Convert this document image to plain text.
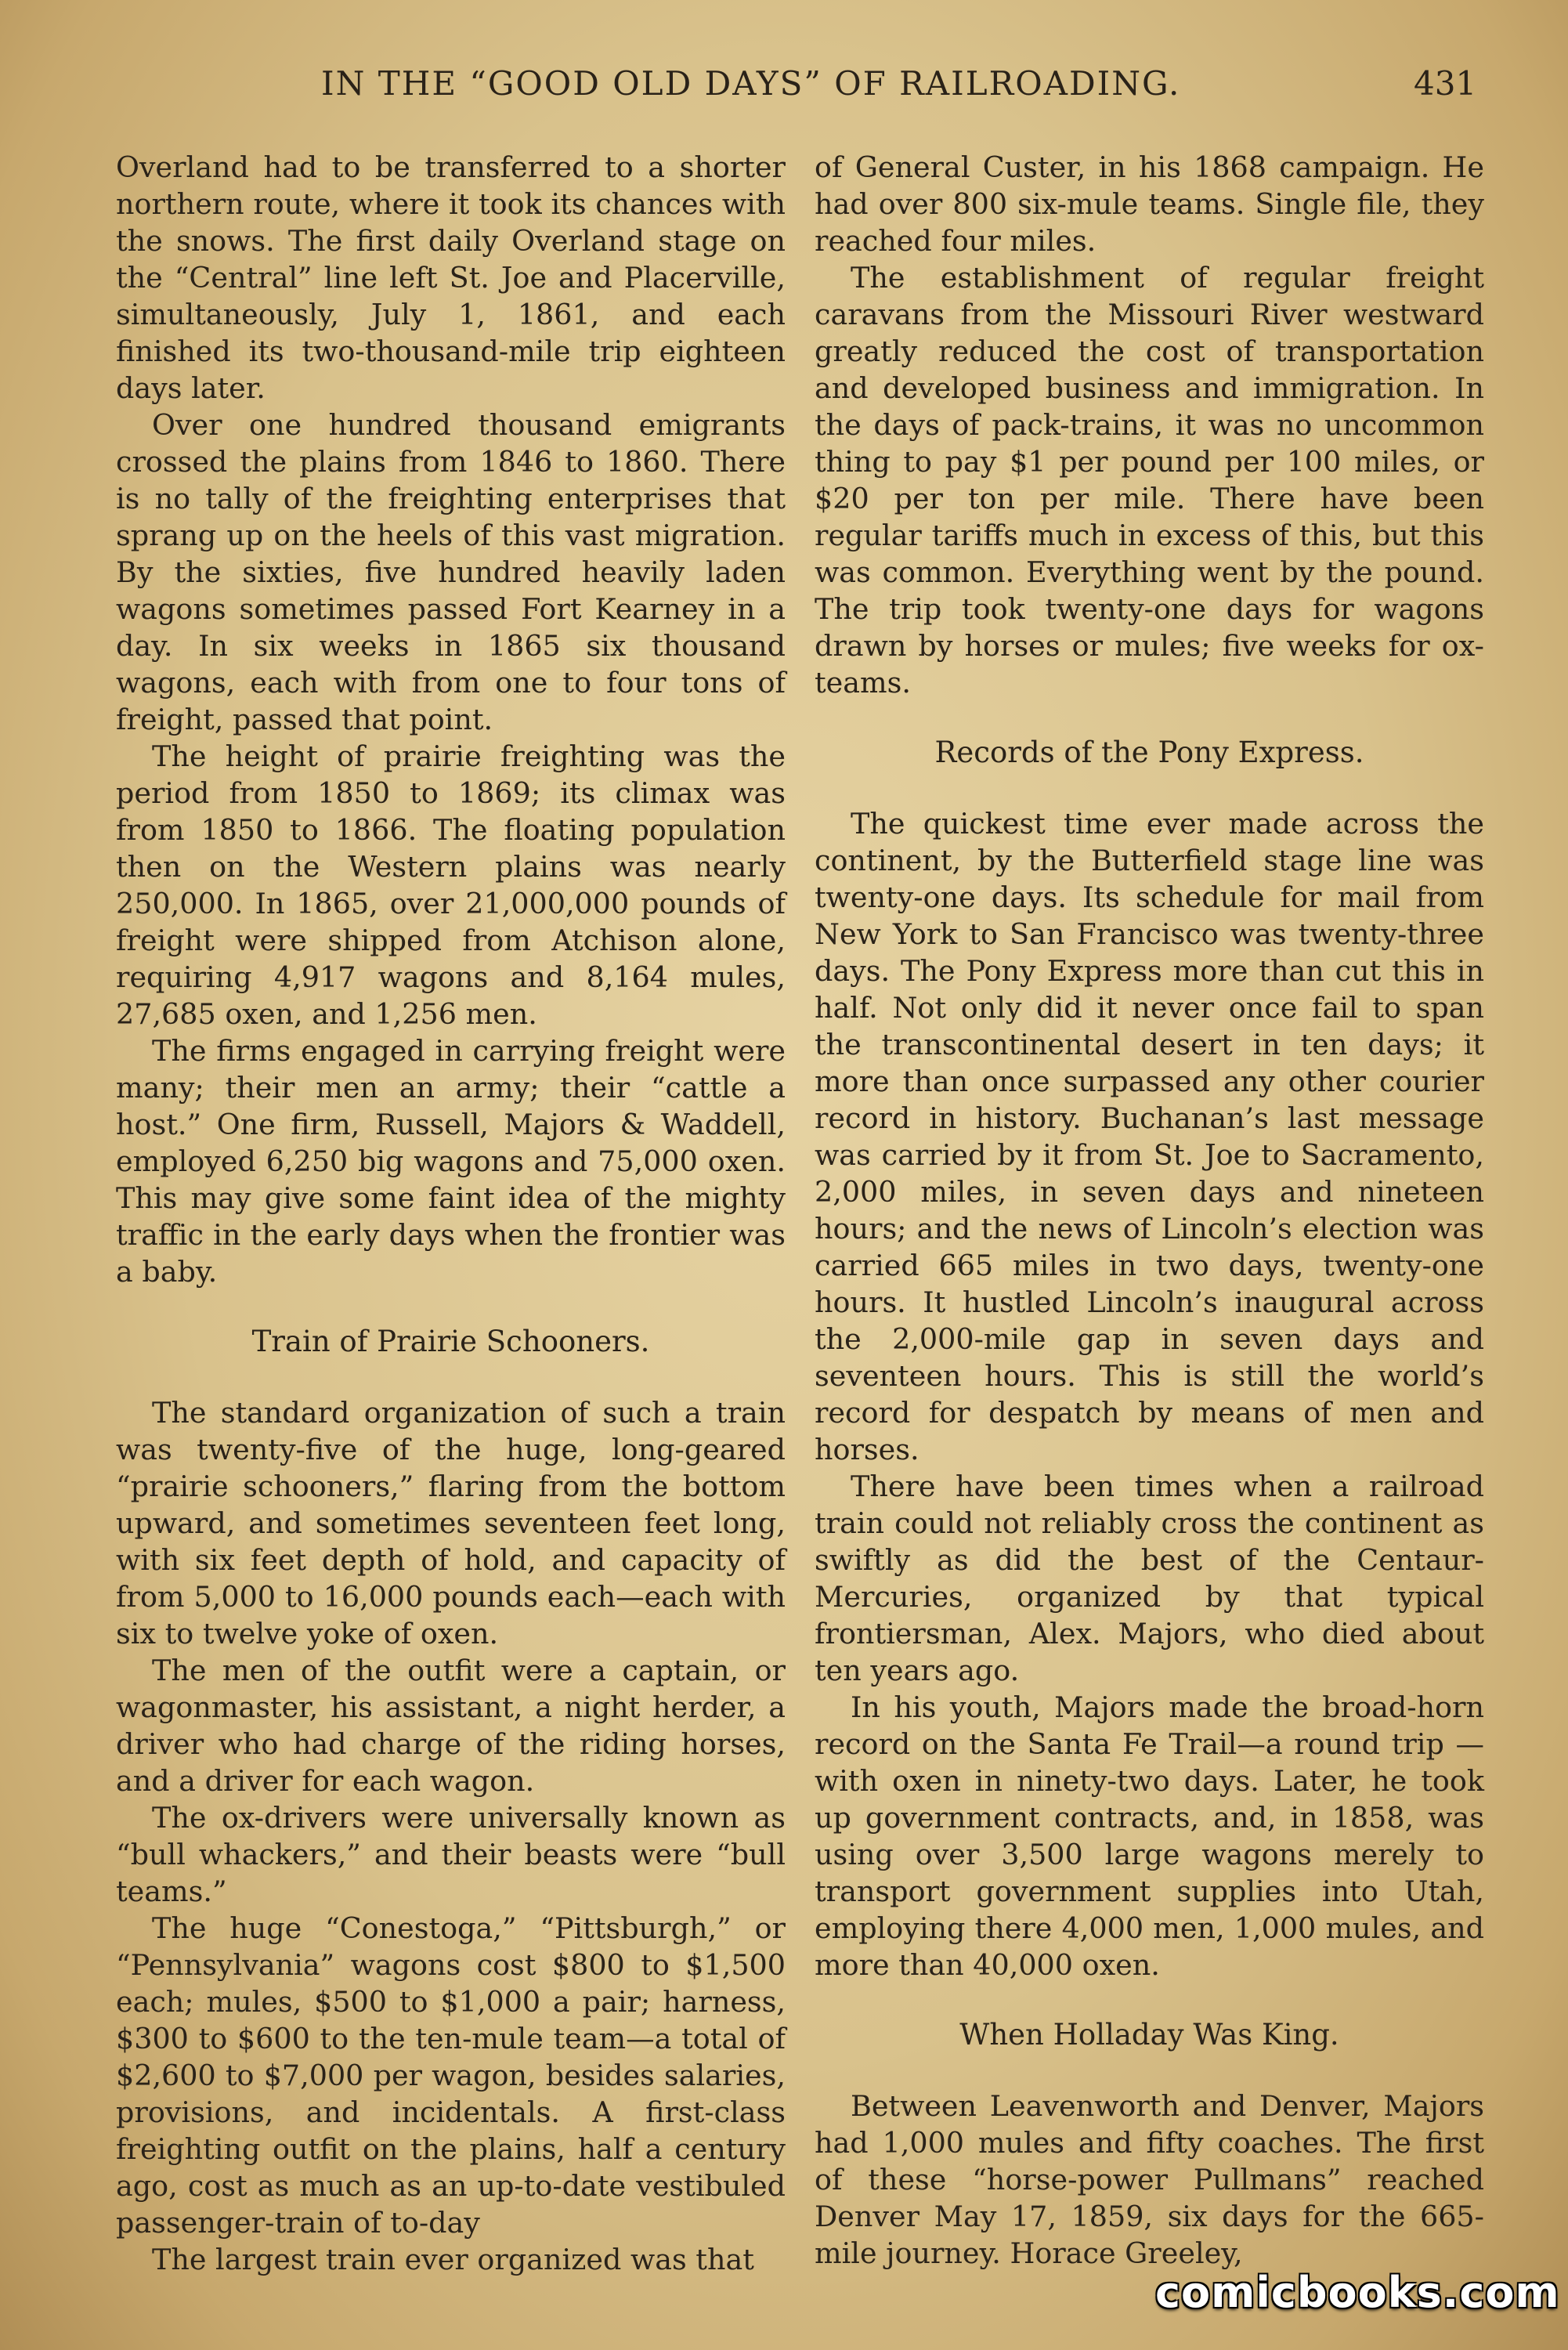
IN THE “GOOD OLD DAYS” OF RAILROADING.	431

Overland had to be transferred to a shorter northern route, where it took its chances with the snows. The first daily Overland stage on the “Central” line left St. Joe and Placerville, simultaneously, July 1, 1861, and each finished its two-thousand-mile trip eighteen days later.

Over one hundred thousand emigrants crossed the plains from 1846 to 1860. There is no tally of the freighting enterprises that sprang up on the heels of this vast migration. By the sixties, five hundred heavily laden wagons sometimes passed Fort Kearney in a day. In six weeks in 1865 six thousand wagons, each with from one to four tons of freight, passed that point.

The height of prairie freighting was the period from 1850 to 1869; its climax was from 1850 to 1866. The floating population then on the Western plains was nearly 250,000. In 1865, over 21,000,000 pounds of freight were shipped from Atchison alone, requiring 4,917 wagons and 8,164 mules, 27,685 oxen, and 1,256 men.

The firms engaged in carrying freight were many; their men an army; their “cattle a host.” One firm, Russell, Majors & Waddell, employed 6,250 big wagons and 75,000 oxen. This may give some faint idea of the mighty traffic in the early days when the frontier was a baby.

Train of Prairie Schooners.

The standard organization of such a train was twenty-five of the huge, long-geared “prairie schooners,” flaring from the bottom upward, and sometimes seventeen feet long, with six feet depth of hold, and capacity of from 5,000 to 16,000 pounds each—each with six to twelve yoke of oxen.

The men of the outfit were a captain, or wagonmaster, his assistant, a night herder, a driver who had charge of the riding horses, and a driver for each wagon.

The ox-drivers were universally known as “bull whackers,” and their beasts were “bull teams.”

The huge “Conestoga,” “Pittsburgh,” or “Pennsylvania” wagons cost $800 to $1,500 each; mules, $500 to $1,000 a pair; harness, $300 to $600 to the ten-mule team—a total of $2,600 to $7,000 per wagon, besides salaries, provisions, and incidentals. A first-class freighting outfit on the plains, half a century ago, cost as much as an up-to-date vestibuled passenger-train of to-day

The largest train ever organized was that

of General Custer, in his 1868 campaign. He had over 800 six-mule teams. Single file, they reached four miles.

The establishment of regular freight caravans from the Missouri River westward greatly reduced the cost of transportation and developed business and immigration. In the days of pack-trains, it was no uncommon thing to pay $1 per pound per 100 miles, or $20 per ton per mile. There have been regular tariffs much in excess of this, but this was common. Everything went by the pound. The trip took twenty-one days for wagons drawn by horses or mules; five weeks for ox-teams.

Records of the Pony Express.

The quickest time ever made across the continent, by the Butterfield stage line was twenty-one days. Its schedule for mail from New York to San Francisco was twenty-three days. The Pony Express more than cut this in half. Not only did it never once fail to span the transcontinental desert in ten days; it more than once surpassed any other courier record in history. Buchanan’s last message was carried by it from St. Joe to Sacramento, 2,000 miles, in seven days and nineteen hours; and the news of Lincoln’s election was carried 665 miles in two days, twenty-one hours. It hustled Lincoln’s inaugural across the 2,000-mile gap in seven days and seventeen hours. This is still the world’s record for despatch by means of men and horses.

There have been times when a railroad train could not reliably cross the continent as swiftly as did the best of the Centaur-Mercuries, organized by that typical frontiersman, Alex. Majors, who died about ten years ago.

In his youth, Majors made the broad-horn record on the Santa Fe Trail—a round trip —with oxen in ninety-two days. Later, he took up government contracts, and, in 1858, was using over 3,500 large wagons merely to transport government supplies into Utah, employing there 4,000 men, 1,000 mules, and more than 40,000 oxen.

When Holladay Was King.

Between Leavenworth and Denver, Majors had 1,000 mules and fifty coaches. The first of these “horse-power Pullmans” reached Denver May 17, 1859, six days for the 665-mile journey. Horace Greeley,

comicbooks.com
